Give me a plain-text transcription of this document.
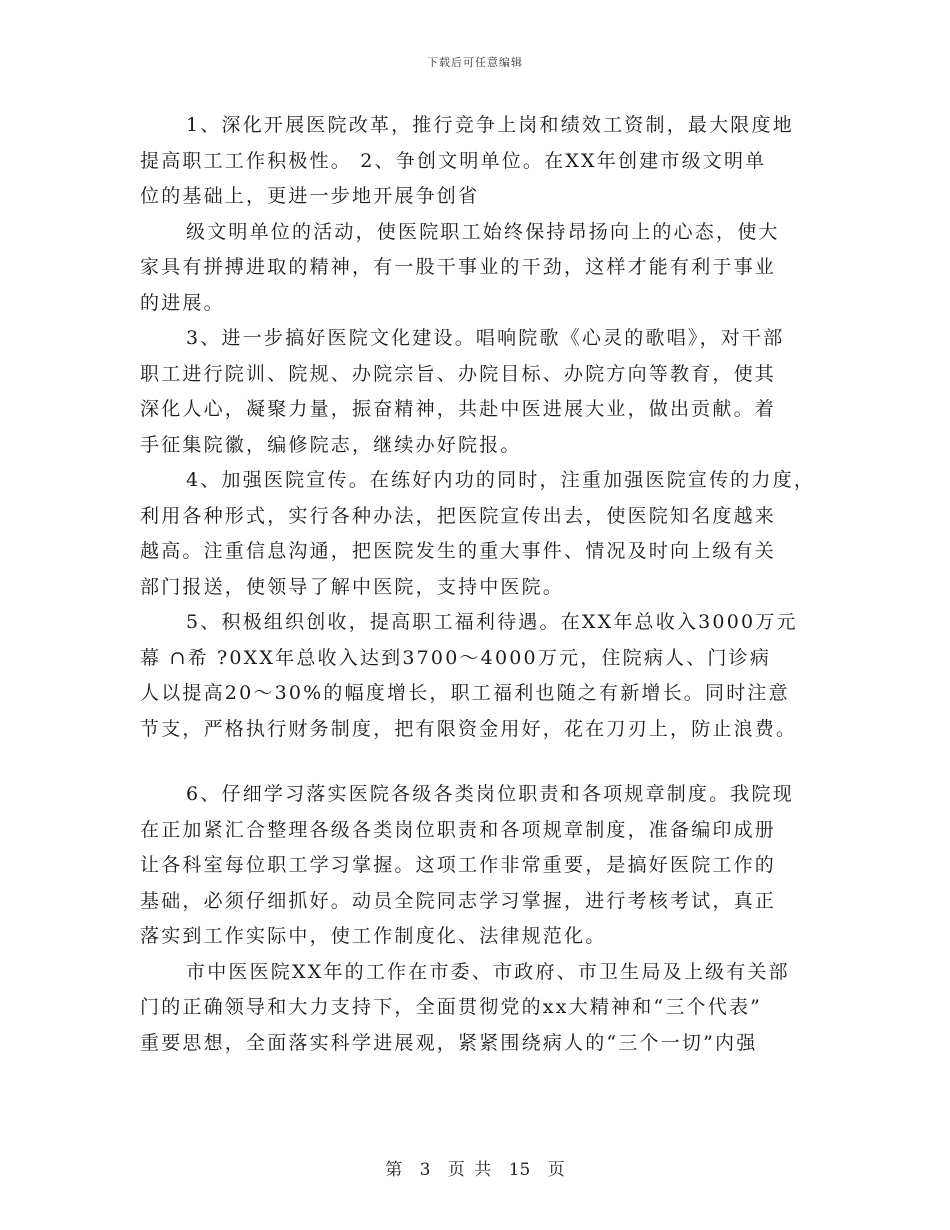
下载后可任意编辑
1、深化开展医院改革，推行竞争上岗和绩效工资制，最大限度地
提高职工工作积极性。 2、争创文明单位。在XX年创建市级文明单
位的基础上，更进一步地开展争创省
级文明单位的活动，使医院职工始终保持昂扬向上的心态，使大
家具有拼搏进取的精神，有一股干事业的干劲，这样才能有利于事业
的进展。
3、进一步搞好医院文化建设。唱响院歌《心灵的歌唱》，对干部
职工进行院训、院规、办院宗旨、办院目标、办院方向等教育，使其
深化人心，凝聚力量，振奋精神，共赴中医进展大业，做出贡献。着
手征集院徽，编修院志，继续办好院报。
4、加强医院宣传。在练好内功的同时，注重加强医院宣传的力度，
利用各种形式，实行各种办法，把医院宣传出去，使医院知名度越来
越高。注重信息沟通，把医院发生的重大事件、情况及时向上级有关
部门报送，使领导了解中医院，支持中医院。
5、积极组织创收，提高职工福利待遇。在XX年总收入3000万元
幕 ∩希 ?0XX年总收入达到3700～4000万元，住院病人、门诊病
人以提高20～30%的幅度增长，职工福利也随之有新增长。同时注意
节支，严格执行财务制度，把有限资金用好，花在刀刃上，防止浪费。
6、仔细学习落实医院各级各类岗位职责和各项规章制度。我院现
在正加紧汇合整理各级各类岗位职责和各项规章制度，准备编印成册
让各科室每位职工学习掌握。这项工作非常重要，是搞好医院工作的
基础，必须仔细抓好。动员全院同志学习掌握，进行考核考试，真正
落实到工作实际中，使工作制度化、法律规范化。
市中医医院XX年的工作在市委、市政府、市卫生局及上级有关部
门的正确领导和大力支持下，全面贯彻党的xx大精神和“三个代表”
重要思想，全面落实科学进展观，紧紧围绕病人的“三个一切”内强
第 3 页 共 15 页
